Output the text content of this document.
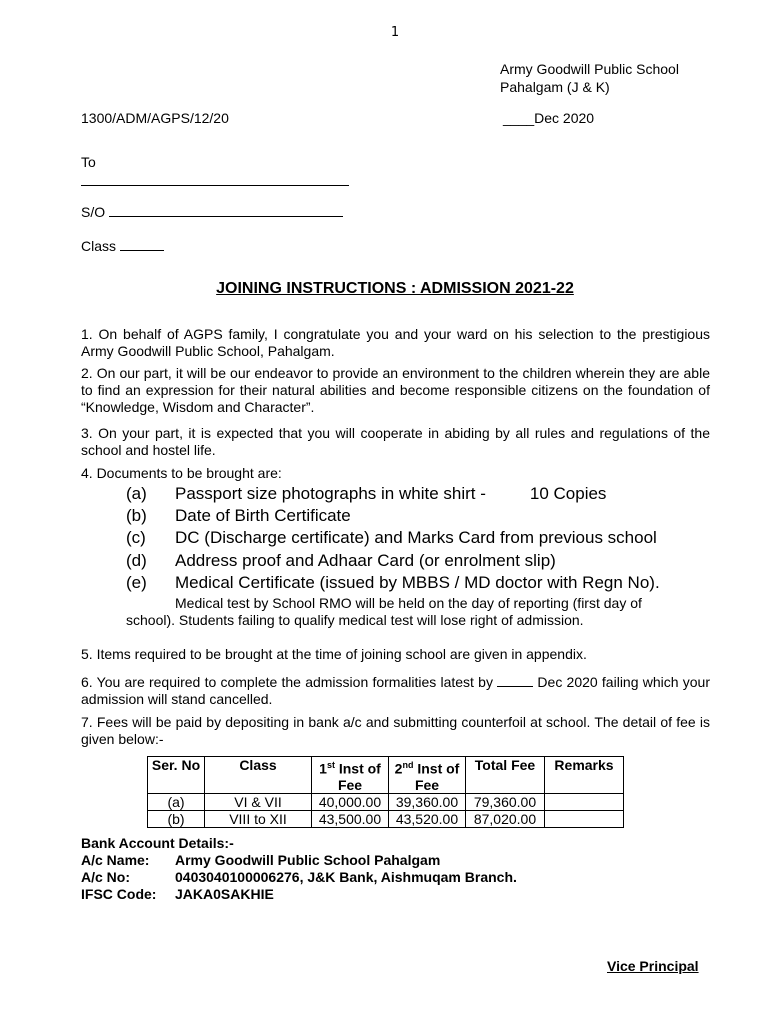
1
Army Goodwill Public School
Pahalgam (J & K)
1300/ADM/AGPS/12/20	____Dec 2020
To
S/O
Class
JOINING INSTRUCTIONS : ADMISSION 2021-22
1. On behalf of AGPS family, I congratulate you and your ward on his selection to the prestigious Army Goodwill Public School, Pahalgam.
2. On our part, it will be our endeavor to provide an environment to the children wherein they are able to find an expression for their natural abilities and become responsible citizens on the foundation of “Knowledge, Wisdom and Character”.
3. On your part, it is expected that you will cooperate in abiding by all rules and regulations of the school and hostel life.
4. Documents to be brought are:
(a) Passport size photographs in white shirt -	10 Copies
(b) Date of Birth Certificate
(c) DC (Discharge certificate) and Marks Card from previous school
(d) Address proof and Adhaar Card (or enrolment slip)
(e) Medical Certificate (issued by MBBS / MD doctor with Regn No).
Medical test by School RMO will be held on the day of reporting (first day of
school). Students failing to qualify medical test will lose right of admission.
5. Items required to be brought at the time of joining school are given in appendix.
6. You are required to complete the admission formalities latest by	Dec 2020 failing which your admission will stand cancelled.
7. Fees will be paid by depositing in bank a/c and submitting counterfoil at school. The detail of fee is given below:-
Ser. No	Class	1st Inst of Fee	2nd Inst of Fee	Total Fee	Remarks
(a)	VI & VII	40,000.00	39,360.00	79,360.00	
(b)	VIII to XII	43,500.00	43,520.00	87,020.00	
Bank Account Details:-
A/c Name: Army Goodwill Public School Pahalgam
A/c No:	0403040100006276, J&K Bank, Aishmuqam Branch.
IFSC Code: JAKA0SAKHIE
Vice Principal
